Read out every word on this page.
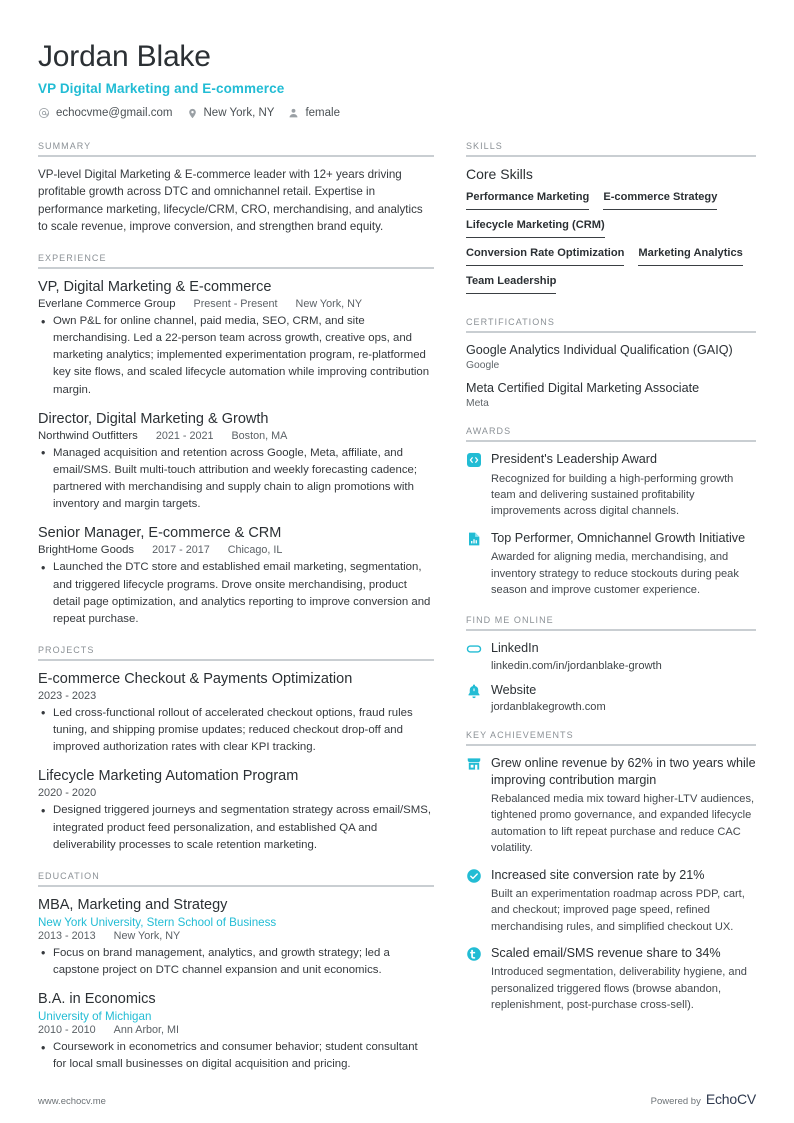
Jordan Blake
VP Digital Marketing and E-commerce
echocvme@gmail.com	New York, NY	female
SUMMARY

VP-level Digital Marketing & E-commerce leader with 12+ years driving profitable growth across DTC and omnichannel retail. Expertise in performance marketing, lifecycle/CRM, CRO, merchandising, and analytics to scale revenue, improve conversion, and strengthen brand equity.

EXPERIENCE
VP, Digital Marketing & E-commerce
Everlane Commerce Group Present - Present New York, NY
• Own P&L for online channel, paid media, SEO, CRM, and site merchandising. Led a 22-person team across growth, creative ops, and marketing analytics; implemented experimentation program, re-platformed key site flows, and scaled lifecycle automation while improving contribution margin.
Director, Digital Marketing & Growth
Northwind Outfitters 2021 - 2021 Boston, MA
• Managed acquisition and retention across Google, Meta, affiliate, and email/SMS. Built multi-touch attribution and weekly forecasting cadence; partnered with merchandising and supply chain to align promotions with inventory and margin targets.
Senior Manager, E-commerce & CRM
BrightHome Goods 2017 - 2017 Chicago, IL
• Launched the DTC store and established email marketing, segmentation, and triggered lifecycle programs. Drove onsite merchandising, product detail page optimization, and analytics reporting to improve conversion and repeat purchase.
PROJECTS
E-commerce Checkout & Payments Optimization
2023 - 2023
• Led cross-functional rollout of accelerated checkout options, fraud rules tuning, and shipping promise updates; reduced checkout drop-off and improved authorization rates with clear KPI tracking.
Lifecycle Marketing Automation Program
2020 - 2020
• Designed triggered journeys and segmentation strategy across email/SMS, integrated product feed personalization, and established QA and deliverability processes to scale retention marketing.
EDUCATION
MBA, Marketing and Strategy
New York University, Stern School of Business
2013 - 2013 New York, NY
• Focus on brand management, analytics, and growth strategy; led a capstone project on DTC channel expansion and unit economics.
B.A. in Economics
University of Michigan
2010 - 2010 Ann Arbor, MI
• Coursework in econometrics and consumer behavior; student consultant for local small businesses on digital acquisition and pricing.
SKILLS
Core Skills
Performance Marketing E-commerce Strategy
Lifecycle Marketing (CRM)
Conversion Rate Optimization Marketing Analytics
Team Leadership
CERTIFICATIONS
Google Analytics Individual Qualification (GAIQ)
Google
Meta Certified Digital Marketing Associate
Meta
AWARDS
President's Leadership Award
Recognized for building a high-performing growth team and delivering sustained profitability improvements across digital channels.
Top Performer, Omnichannel Growth Initiative
Awarded for aligning media, merchandising, and inventory strategy to reduce stockouts during peak season and improve customer experience.
FIND ME ONLINE
LinkedIn
linkedin.com/in/jordanblake-growth
Website
jordanblakegrowth.com
KEY ACHIEVEMENTS
Grew online revenue by 62% in two years while improving contribution margin
Rebalanced media mix toward higher-LTV audiences, tightened promo governance, and expanded lifecycle automation to lift repeat purchase and reduce CAC volatility.
Increased site conversion rate by 21%
Built an experimentation roadmap across PDP, cart, and checkout; improved page speed, refined merchandising rules, and simplified checkout UX.
Scaled email/SMS revenue share to 34%
Introduced segmentation, deliverability hygiene, and personalized triggered flows (browse abandon, replenishment, post-purchase cross-sell).
www.echocv.me	Powered by EchoCV
